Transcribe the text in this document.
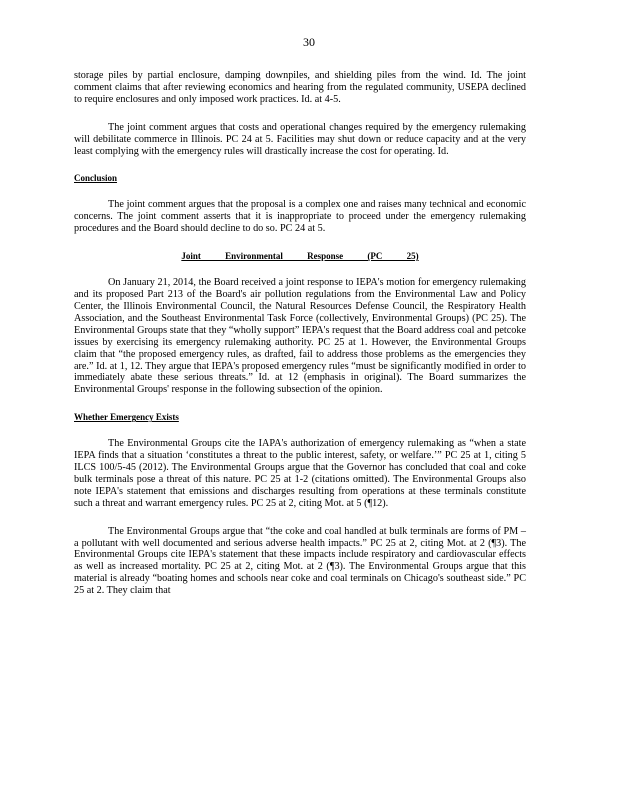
30

storage piles by partial enclosure, damping downpiles, and shielding piles from the wind. Id. The joint comment claims that after reviewing economics and hearing from the regulated community, USEPA declined to require enclosures and only imposed work practices. Id. at 4-5.

The joint comment argues that costs and operational changes required by the emergency rulemaking will debilitate commerce in Illinois. PC 24 at 5. Facilities may shut down or reduce capacity and at the very least complying with the emergency rules will drastically increase the cost for operating. Id.

Conclusion

The joint comment argues that the proposal is a complex one and raises many technical and economic concerns. The joint comment asserts that it is inappropriate to proceed under the emergency rulemaking procedures and the Board should decline to do so. PC 24 at 5.

Joint Environmental Response (PC 25)

On January 21, 2014, the Board received a joint response to IEPA's motion for emergency rulemaking and its proposed Part 213 of the Board's air pollution regulations from the Environmental Law and Policy Center, the Illinois Environmental Council, the Natural Resources Defense Council, the Respiratory Health Association, and the Southeast Environmental Task Force (collectively, Environmental Groups) (PC 25). The Environmental Groups state that they “wholly support” IEPA's request that the Board address coal and petcoke issues by exercising its emergency rulemaking authority. PC 25 at 1. However, the Environmental Groups claim that “the proposed emergency rules, as drafted, fail to address those problems as the emergencies they are.” Id. at 1, 12. They argue that IEPA's proposed emergency rules “must be significantly modified in order to immediately abate these serious threats.” Id. at 12 (emphasis in original). The Board summarizes the Environmental Groups' response in the following subsection of the opinion.

Whether Emergency Exists

The Environmental Groups cite the IAPA's authorization of emergency rulemaking as “when a state IEPA finds that a situation ‘constitutes a threat to the public interest, safety, or welfare.’” PC 25 at 1, citing 5 ILCS 100/5-45 (2012). The Environmental Groups argue that the Governor has concluded that coal and coke bulk terminals pose a threat of this nature. PC 25 at 1-2 (citations omitted). The Environmental Groups also note IEPA's statement that emissions and discharges resulting from operations at these terminals constitute such a threat and warrant emergency rules. PC 25 at 2, citing Mot. at 5 (¶12).

The Environmental Groups argue that “the coke and coal handled at bulk terminals are forms of PM – a pollutant with well documented and serious adverse health impacts.” PC 25 at 2, citing Mot. at 2 (¶3). The Environmental Groups cite IEPA's statement that these impacts include respiratory and cardiovascular effects as well as increased mortality. PC 25 at 2, citing Mot. at 2 (¶3). The Environmental Groups argue that this material is already “boating homes and schools near coke and coal terminals on Chicago's southeast side.” PC 25 at 2. They claim that
